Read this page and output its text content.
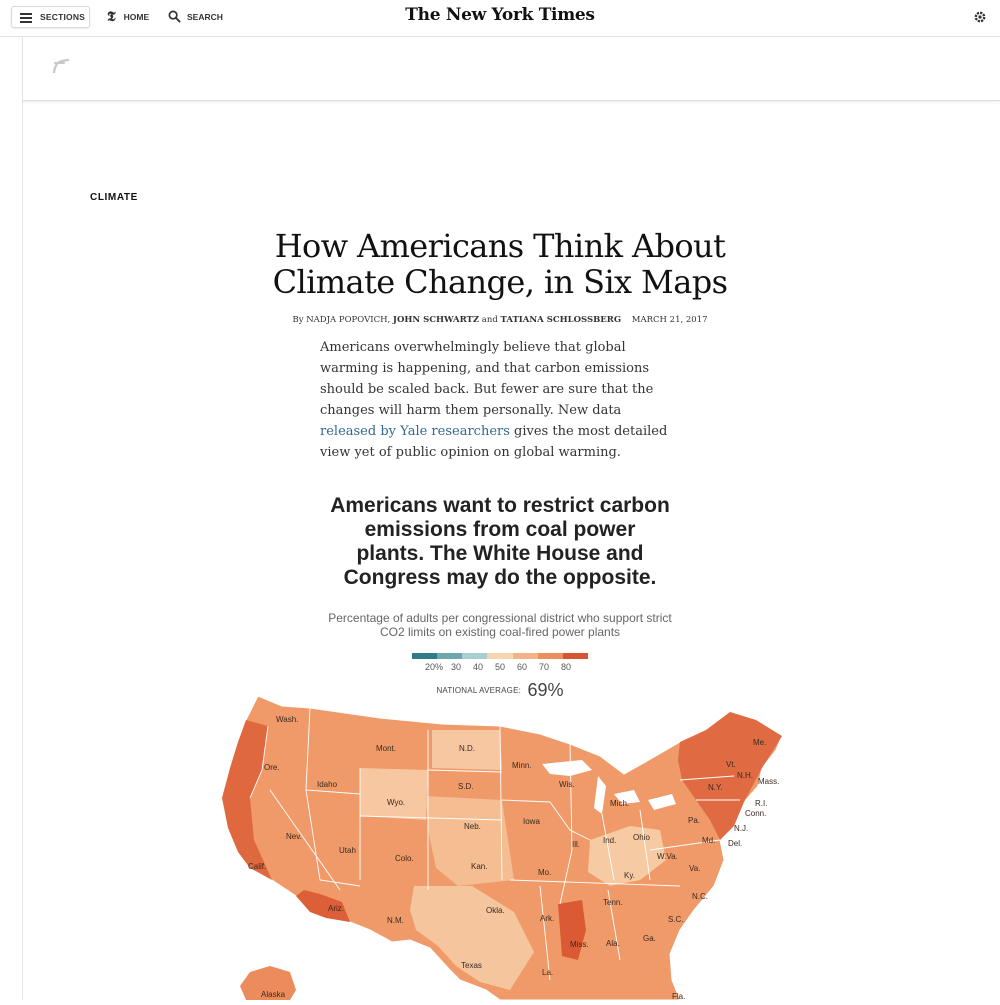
SECTIONS 𝕿 HOME	SEARCH	The New York Times
CLIMATE
How Americans Think About Climate Change, in Six Maps
By NADJA POPOVICH, JOHN SCHWARTZ and TATIANA SCHLOSSBERG MARCH 21, 2017

Americans overwhelmingly believe that global warming is happening, and that carbon emissions should be scaled back. But fewer are sure that the changes will harm them personally. New data released by Yale researchers gives the most detailed view yet of public opinion on global warming.

Americans want to restrict carbon emissions from coal power plants. The White House and Congress may do the opposite.
Percentage of adults per congressional district who support strict CO2 limits on existing coal-fired power plants
20% 30 40 50 60 70 80
NATIONAL AVERAGE: 69%
Wash.
Ore.
Idaho
Mont.	N.D.
Minn.
Wis.
Mich.
S.D.
Wyo.
Iowa
Nev.
Utah
Colo.
Neb.
Ill.	Ind. Ohio
Pa.
N.Y.
Me.
Vt.
N.H.
Mass.
R.I.
Conn.
N.J.
Del.
Md.
W.Va.
Va.
Calif.	Kan.
Mo.	Ky.
N.C.
Tenn.
S.C.
Ariz.
N.M.
Okla.
Ark.
Ga.
Ala.
Miss.
La.
Texas
Fla.
Alaska
